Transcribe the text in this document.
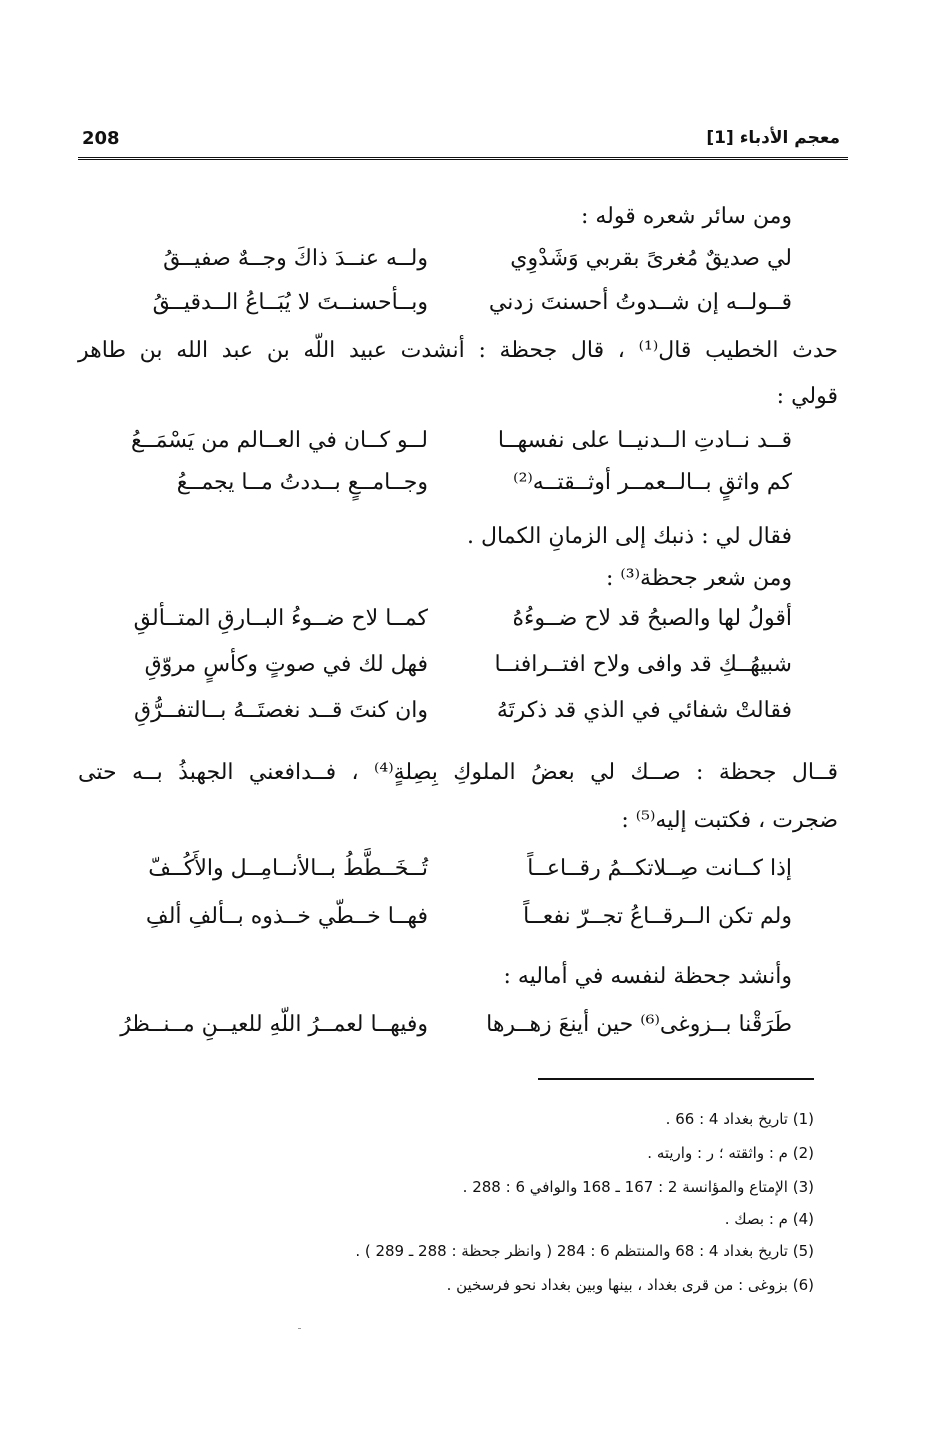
معجم الأدباء [1]
208
ومن سائر شعره قوله :
لي صديقٌ مُغرىً بقربي وَشَدْوِي
ولــه عنــدَ ذاكَ وجــهٌ صفيــقُ
قــولــه إن شــدوتُ أحسنتَ زدني
وبــأحسنــتَ لا يُبَــاعُ الــدقيــقُ
حدث الخطيب قال⁽¹⁾ ، قال جحظة : أنشدت عبيد اللّه بن عبد الله بن طاهر
قولي :
قــد نــادتِ الــدنيــا على نفسهــا
لــو كــان في العــالم من يَسْمَــعُ
كم واثقٍ بــالــعمــر أوثــقتــه⁽²⁾
وجــامــعٍ بــددتُ مــا يجمــعُ
فقال لي : ذنبك إلى الزمانِ الكمال .
ومن شعر جحظة⁽³⁾ :
أقولُ لها والصبحُ قد لاح ضــوءُهُ
كمــا لاح ضــوءُ البــارقِ المتــألقِ
شبيهُــكِ قد وافى ولاح افتــرافنــا
فهل لك في صوتٍ وكأسٍ مروّقِ
فقالتْ شفائي في الذي قد ذكرتَهُ
وان كنتَ قــد نغصتَــهُ بــالتفــرُّقِ
قــال جحظة : صــك لي بعضُ الملوكِ بِصِلةٍ⁽⁴⁾ ، فــدافعني الجهبذُ بــه حتى
ضجرت ، فكتبت إليه⁽⁵⁾ :
إذا كــانت صِــلاتكــمُ رقــاعــاً
تُــخَــطَّطُ بــالأنــامِــل والأَكُــفّ
ولم تكن الــرقــاعُ تجــرّ نفعــاً
فهــا خــطّي خــذوه بــألفِ ألفِ
وأنشد جحظة لنفسه في أماليه :
طَرَقْنا بــزوغى⁽⁶⁾ حين أينعَ زهــرها
وفيهــا لعمــرُ اللّهِ للعيــنِ مــنــظرُ
(1) تاريخ بغداد 4 : 66 .
(2) م : واثقته ؛ ر : واريته .
(3) الإمتاع والمؤانسة 2 : 167 ـ 168 والوافي 6 : 288 .
(4) م : بصك .
(5) تاريخ بغداد 4 : 68 والمنتظم 6 : 284 ( وانظر جحظة : 288 ـ 289 ) .
(6) بزوغى : من قرى بغداد ، بينها وبين بغداد نحو فرسخين .
